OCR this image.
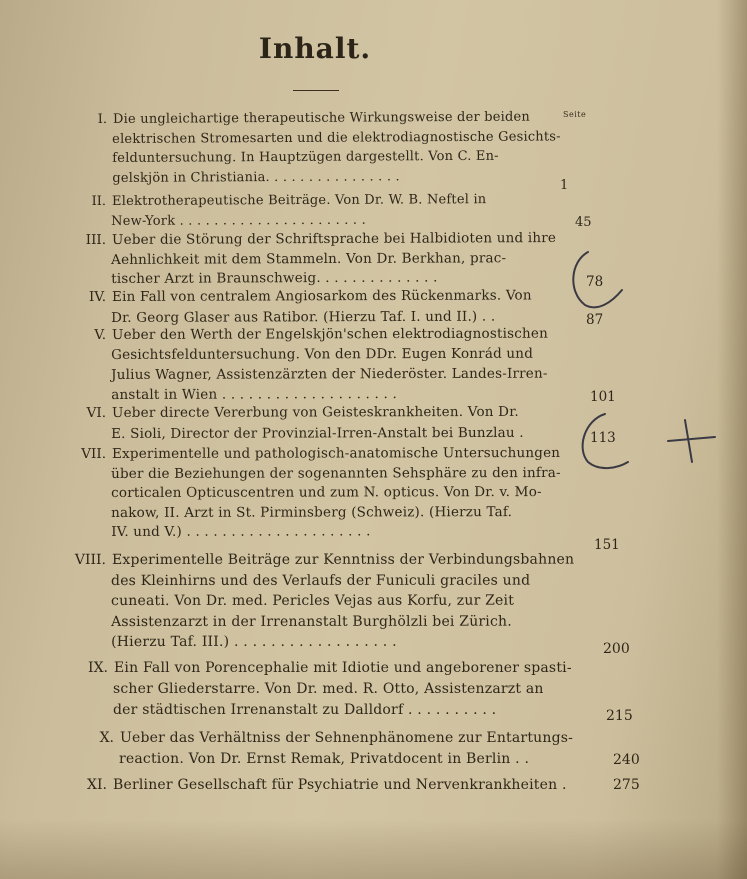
Inhalt.
Seite
I. Die ungleichartige therapeutische Wirkungsweise der beiden
elektrischen Stromesarten und die elektrodiagnostische Gesichts-
felduntersuchung. In Hauptzügen dargestellt. Von C. En-
gelskjön in Christiania. . . . . . . . . . . . . . . .
1
II. Elektrotherapeutische Beiträge. Von Dr. W. B. Neftel in
New-York . . . . . . . . . . . . . . . . . . . . . .	45
III. Ueber die Störung der Schriftsprache bei Halbidioten und ihre
Aehnlichkeit mit dem Stammeln. Von Dr. Berkhan, prac-
tischer Arzt in Braunschweig. . . . . . . . . . . . . .	78
IV. Ein Fall von centralem Angiosarkom des Rückenmarks. Von
Dr. Georg Glaser aus Ratibor. (Hierzu Taf. I. und II.) . .	87
V. Ueber den Werth der Engelskjön'schen elektrodiagnostischen
Gesichtsfelduntersuchung. Von den DDr. Eugen Konrád und
Julius Wagner, Assistenzärzten der Niederöster. Landes-Irren-
anstalt in Wien . . . . . . . . . . . . . . . . . . . .	101
VI. Ueber directe Vererbung von Geisteskrankheiten. Von Dr.
E. Sioli, Director der Provinzial-Irren-Anstalt bei Bunzlau .	113
VII. Experimentelle und pathologisch-anatomische Untersuchungen
über die Beziehungen der sogenannten Sehsphäre zu den infra-
corticalen Opticuscentren und zum N. opticus. Von Dr. v. Mo-
nakow, II. Arzt in St. Pirminsberg (Schweiz). (Hierzu Taf.
IV. und V.) . . . . . . . . . . . . . . . . . . . . .
151
VIII. Experimentelle Beiträge zur Kenntniss der Verbindungsbahnen
des Kleinhirns und des Verlaufs der Funiculi graciles und
cuneati. Von Dr. med. Pericles Vejas aus Korfu, zur Zeit
Assistenzarzt in der Irrenanstalt Burghölzli bei Zürich.
(Hierzu Taf. III.) . . . . . . . . . . . . . . . . . .	200
IX. Ein Fall von Porencephalie mit Idiotie und angeborener spasti-
scher Gliederstarre. Von Dr. med. R. Otto, Assistenzarzt an
der städtischen Irrenanstalt zu Dalldorf . . . . . . . . . .	215
X. Ueber das Verhältniss der Sehnenphänomene zur Entartungs-
reaction. Von Dr. Ernst Remak, Privatdocent in Berlin . .	240
XI. Berliner Gesellschaft für Psychiatrie und Nervenkrankheiten .	275
